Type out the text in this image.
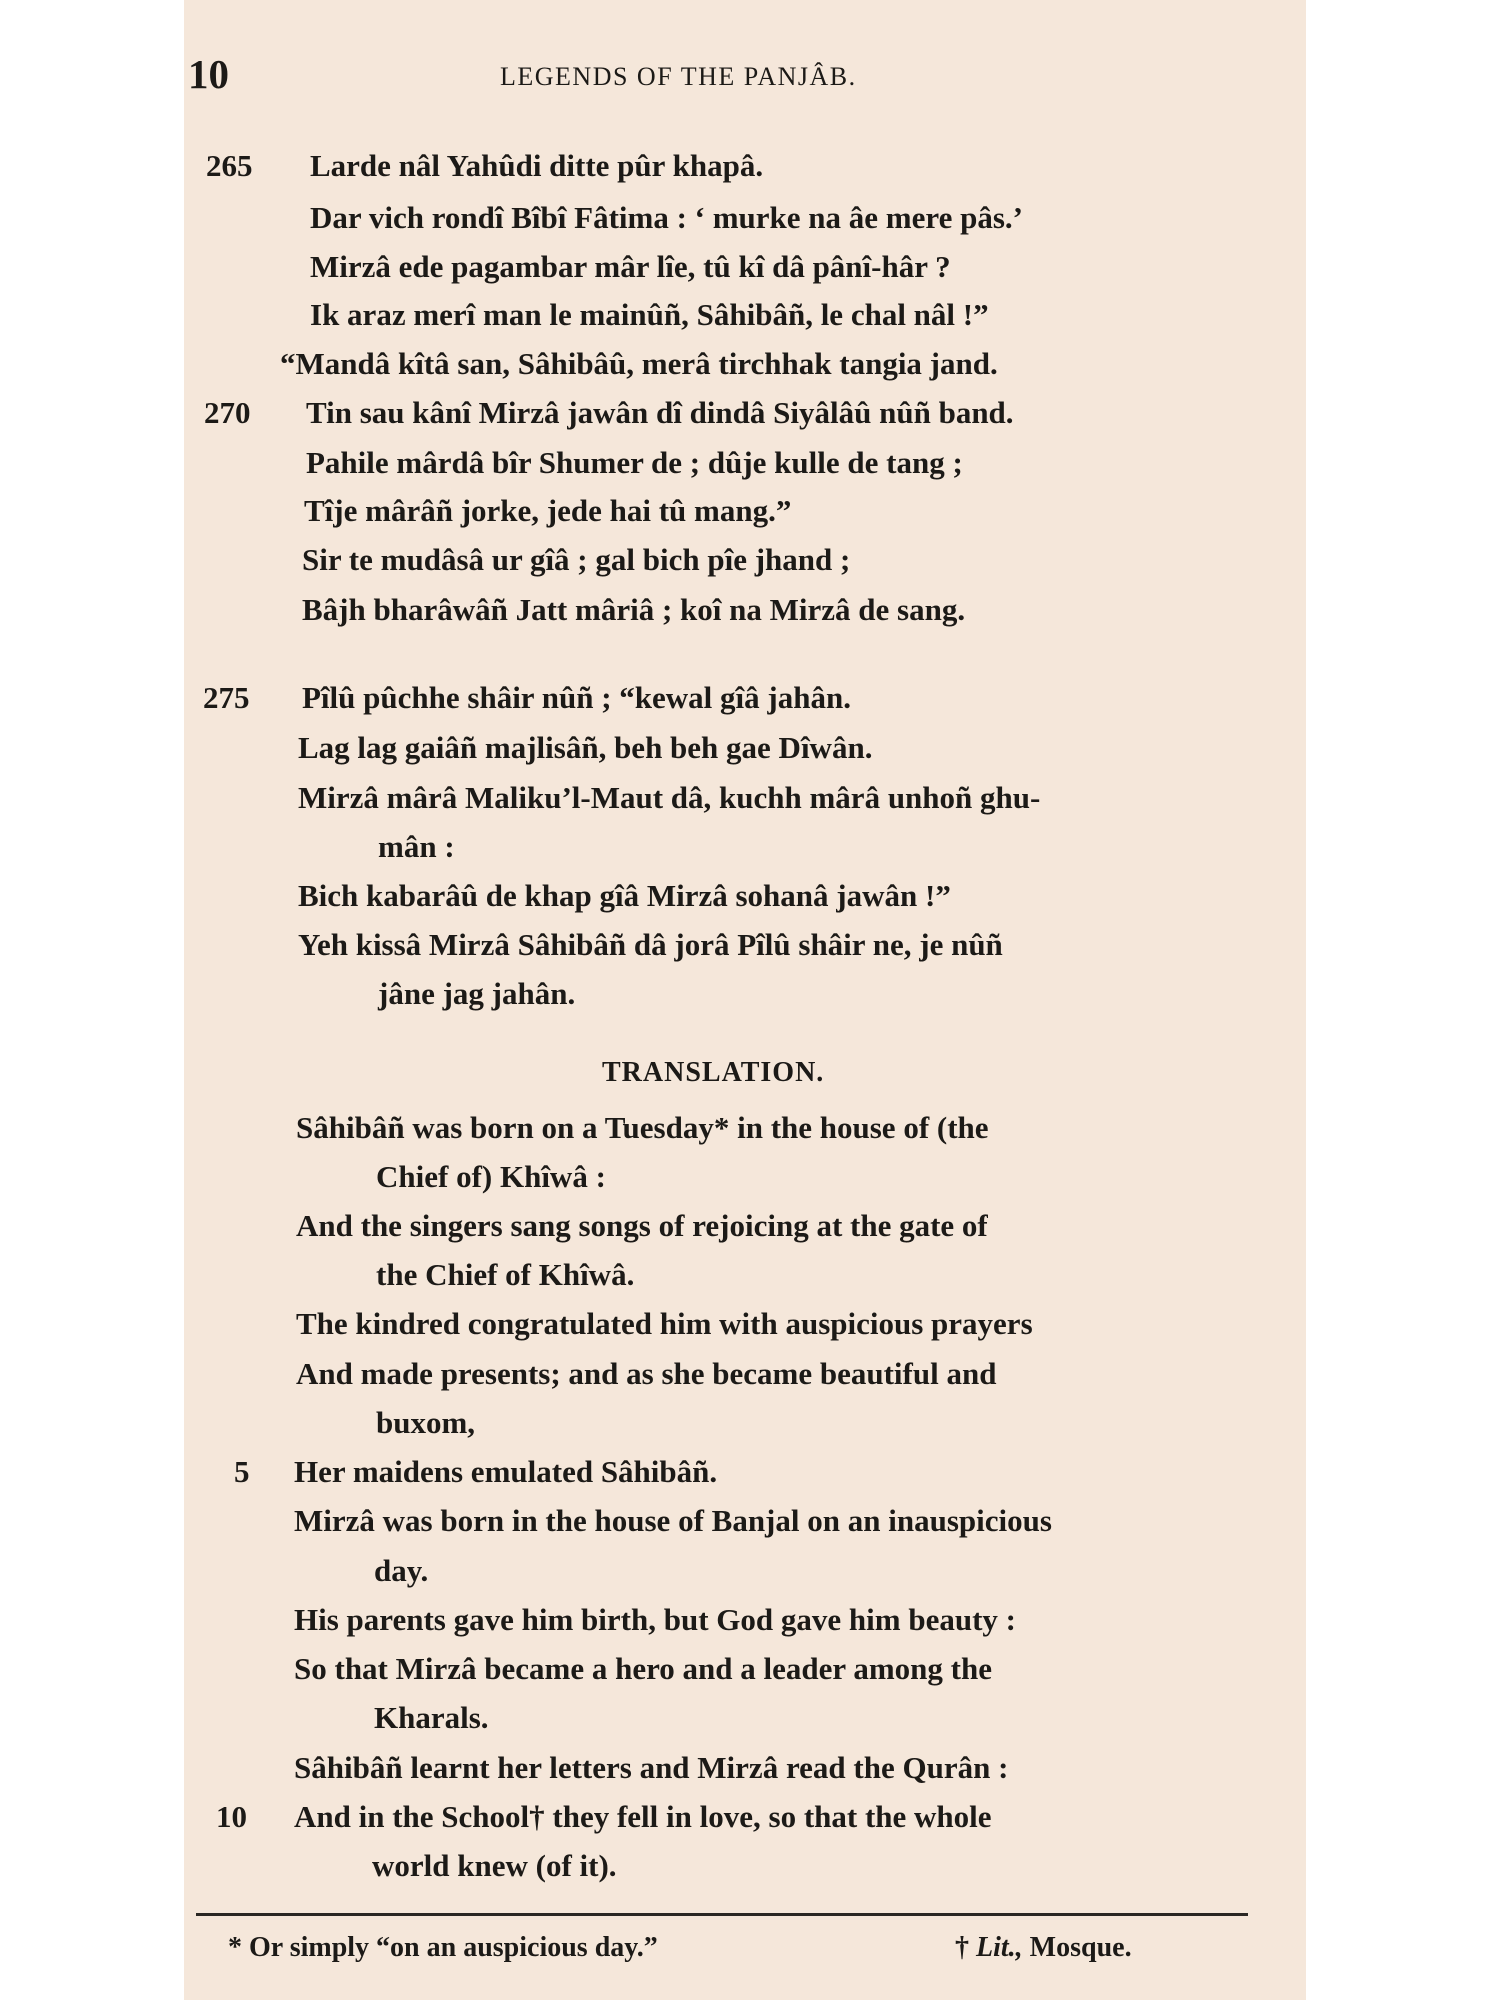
10	LEGENDS OF THE PANJÂB.
265 Larde nâl Yahûdi ditte pûr khapâ.
Dar vich rondî Bîbî Fâtima : ‘ murke na âe mere pâs.’
Mirzâ ede pagambar mâr lîe, tû kî dâ pânî-hâr ?
Ik araz merî man le mainûñ, Sâhibâñ, le chal nâl !”
“Mandâ kîtâ san, Sâhibâû, merâ tirchhak tangia jand.
270 Tin sau kânî Mirzâ jawân dî dindâ Siyâlâû nûñ band.
Pahile mârdâ bîr Shumer de ; dûje kulle de tang ;
Tîje mârâñ jorke, jede hai tû mang.”
Sir te mudâsâ ur gîâ ; gal bich pîe jhand ;
Bâjh bharâwâñ Jatt mâriâ ; koî na Mirzâ de sang.
275 Pîlû pûchhe shâir nûñ ; “kewal gîâ jahân.
Lag lag gaiâñ majlisâñ, beh beh gae Dîwân.
Mirzâ mârâ Maliku’l-Maut dâ, kuchh mârâ unhoñ ghu-
mân :
Bich kabarâû de khap gîâ Mirzâ sohanâ jawân !”
Yeh kissâ Mirzâ Sâhibâñ dâ jorâ Pîlû shâir ne, je nûñ
jâne jag jahân.
TRANSLATION.
Sâhibâñ was born on a Tuesday* in the house of (the
Chief of) Khîwâ :
And the singers sang songs of rejoicing at the gate of
the Chief of Khîwâ.
The kindred congratulated him with auspicious prayers
And made presents; and as she became beautiful and
buxom,
5 Her maidens emulated Sâhibâñ.
Mirzâ was born in the house of Banjal on an inauspicious
day.
His parents gave him birth, but God gave him beauty :
So that Mirzâ became a hero and a leader among the
Kharals.
Sâhibâñ learnt her letters and Mirzâ read the Qurân :
10 And in the School† they fell in love, so that the whole
world knew (of it).
* Or simply “on an auspicious day.”	† Lit., Mosque.
